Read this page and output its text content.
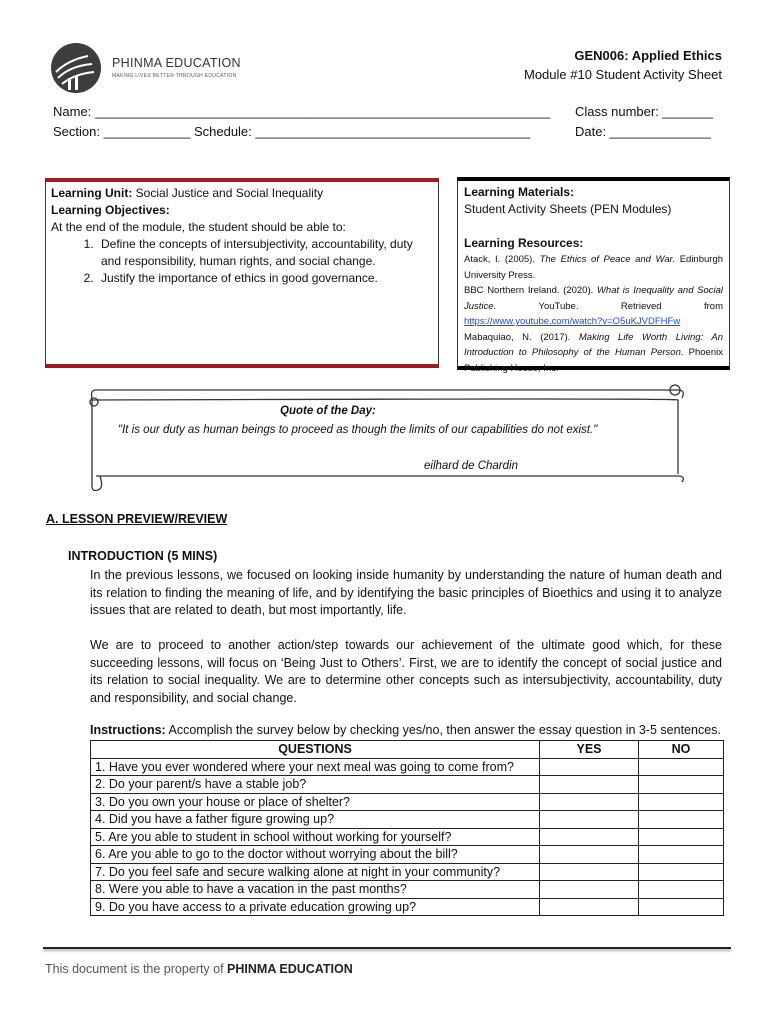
PHINMA EDUCATION
MAKING LIVES BETTER THROUGH EDUCATION
GEN006: Applied Ethics
Module #10 Student Activity Sheet
Name: _______________________________________________________________ Class number: _______
Section: ____________ Schedule: ______________________________________	Date: ______________
Learning Unit: Social Justice and Social Inequality
Learning Objectives:
At the end of the module, the student should be able to:
1. Define the concepts of intersubjectivity, accountability, duty and responsibility, human rights, and social change.
2. Justify the importance of ethics in good governance.
Learning Materials:
Student Activity Sheets (PEN Modules)
Learning Resources:
Atack, I. (2005). The Ethics of Peace and War. Edinburgh University Press.
BBC Northern Ireland. (2020). What is Inequality and Social Justice.	YouTube. Retrieved from https://www.youtube.com/watch?v=O5uKJVDFHFw
Mabaquiao, N. (2017). Making Life Worth Living: An Introduction to Philosophy of the Human Person. Phoenix Publishing House, Inc.
Quote of the Day:
"It is our duty as human beings to proceed as though the limits of our capabilities do not exist."
eilhard de Chardin
A. LESSON PREVIEW/REVIEW
INTRODUCTION (5 MINS)
In the previous lessons, we focused on looking inside humanity by understanding the nature of human death and its relation to finding the meaning of life, and by identifying the basic principles of Bioethics and using it to analyze issues that are related to death, but most importantly, life.
We are to proceed to another action/step towards our achievement of the ultimate good which, for these succeeding lessons, will focus on ‘Being Just to Others’. First, we are to identify the concept of social justice and its relation to social inequality. We are to determine other concepts such as intersubjectivity, accountability, duty and responsibility, and social change.
Instructions: Accomplish the survey below by checking yes/no, then answer the essay question in 3-5 sentences.
QUESTIONS	YES	NO
1. Have you ever wondered where your next meal was going to come from?		
2. Do your parent/s have a stable job?		
3. Do you own your house or place of shelter?		
4. Did you have a father figure growing up?		
5. Are you able to student in school without working for yourself?		
6. Are you able to go to the doctor without worrying about the bill?		
7. Do you feel safe and secure walking alone at night in your community?		
8. Were you able to have a vacation in the past months?		
9. Do you have access to a private education growing up?		
This document is the property of PHINMA EDUCATION
